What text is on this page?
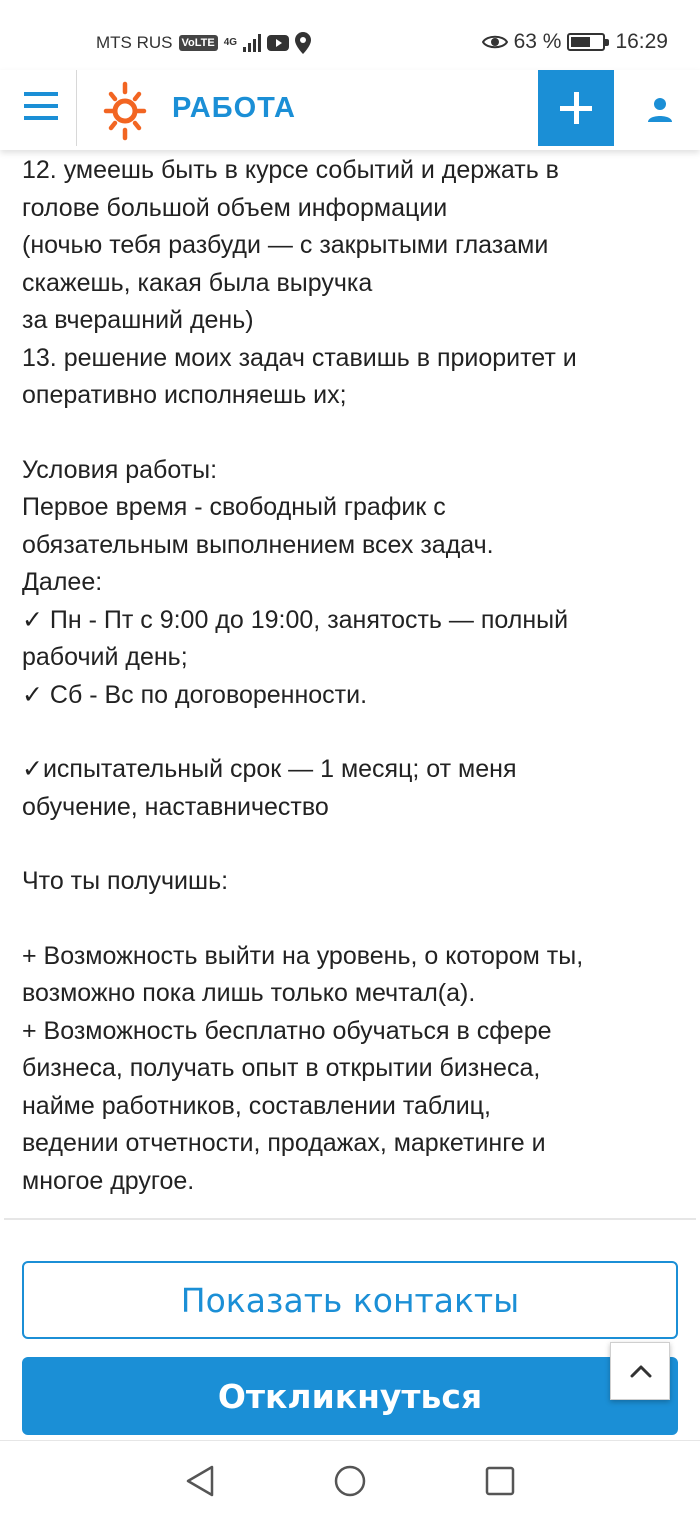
MTS RUS VoLTE 4G	63 %	16:29
РАБОТА
12. умеешь быть в курсе событий и держать в
голове большой объем информации
(ночью тебя разбуди — с закрытыми глазами
скажешь, какая была выручка
за вчерашний день)
13. решение моих задач ставишь в приоритет и
оперативно исполняешь их;
Условия работы:
Первое время - свободный график с
обязательным выполнением всех задач.
Далее:
✓ Пн - Пт с 9:00 до 19:00, занятость — полный
рабочий день;
✓ Сб - Вс по договоренности.
✓испытательный срок — 1 месяц; от меня
обучение, наставничество
Что ты получишь:
+ Возможность выйти на уровень, о котором ты,
возможно пока лишь только мечтал(а).
+ Возможность бесплатно обучаться в сфере
бизнеса, получать опыт в открытии бизнеса,
найме работников, составлении таблиц,
ведении отчетности, продажах, маркетинге и
многое другое.
Показать контакты
Откликнуться
